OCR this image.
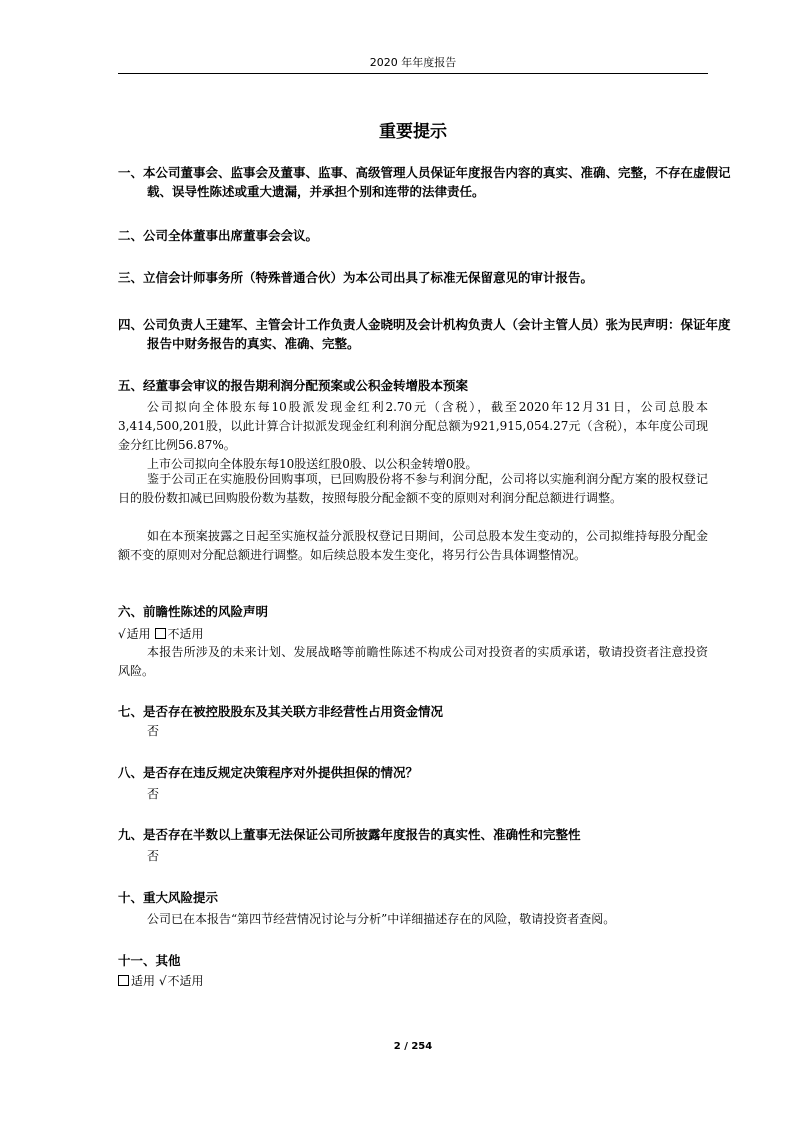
2020 年年度报告
重要提示
一、本公司董事会、监事会及董事、监事、高级管理人员保证年度报告内容的真实、准确、完整，不存在虚假记载、误导性陈述或重大遗漏，并承担个别和连带的法律责任。
二、公司全体董事出席董事会会议。
三、立信会计师事务所（特殊普通合伙）为本公司出具了标准无保留意见的审计报告。
四、公司负责人王建军、主管会计工作负责人金晓明及会计机构负责人（会计主管人员）张为民声明：保证年度报告中财务报告的真实、准确、完整。
五、经董事会审议的报告期利润分配预案或公积金转增股本预案
公司拟向全体股东每10股派发现金红利2.70元（含税），截至2020年12月31日，公司总股本3,414,500,201股，以此计算合计拟派发现金红利利润分配总额为921,915,054.27元（含税），本年度公司现金分红比例56.87%。
上市公司拟向全体股东每10股送红股0股、以公积金转增0股。
鉴于公司正在实施股份回购事项，已回购股份将不参与利润分配，公司将以实施利润分配方案的股权登记日的股份数扣减已回购股份数为基数，按照每股分配金额不变的原则对利润分配总额进行调整。
如在本预案披露之日起至实施权益分派股权登记日期间，公司总股本发生变动的，公司拟维持每股分配金额不变的原则对分配总额进行调整。如后续总股本发生变化，将另行公告具体调整情况。
六、前瞻性陈述的风险声明
√适用 不适用
本报告所涉及的未来计划、发展战略等前瞻性陈述不构成公司对投资者的实质承诺，敬请投资者注意投资风险。
七、是否存在被控股股东及其关联方非经营性占用资金情况
否
八、是否存在违反规定决策程序对外提供担保的情况？
否
九、是否存在半数以上董事无法保证公司所披露年度报告的真实性、准确性和完整性
否
十、重大风险提示
公司已在本报告“第四节经营情况讨论与分析”中详细描述存在的风险，敬请投资者查阅。
十一、其他
适用 √不适用
2 / 254
